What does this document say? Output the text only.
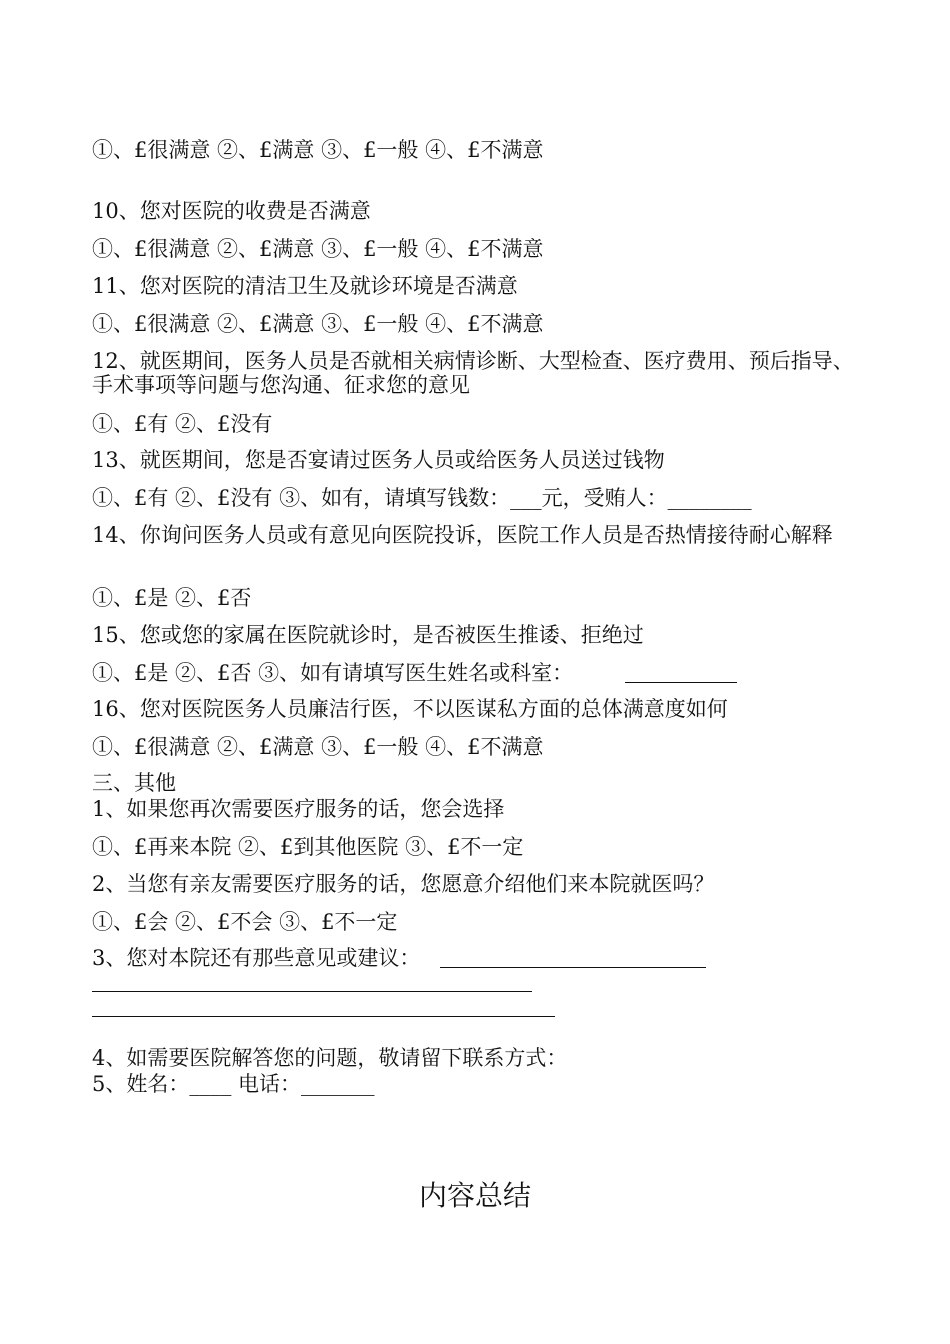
①、£很满意 ②、£满意 ③、£一般 ④、£不满意
10、您对医院的收费是否满意
①、£很满意 ②、£满意 ③、£一般 ④、£不满意
11、您对医院的清洁卫生及就诊环境是否满意
①、£很满意 ②、£满意 ③、£一般 ④、£不满意
12、就医期间，医务人员是否就相关病情诊断、大型检查、医疗费用、预后指导、手术事项等问题与您沟通、征求您的意见
①、£有 ②、£没有
13、就医期间，您是否宴请过医务人员或给医务人员送过钱物
①、£有 ②、£没有 ③、如有，请填写钱数：___元，受贿人：________
14、你询问医务人员或有意见向医院投诉，医院工作人员是否热情接待耐心解释
①、£是 ②、£否
15、您或您的家属在医院就诊时，是否被医生推诿、拒绝过
①、£是 ②、£否 ③、如有请填写医生姓名或科室：
16、您对医院医务人员廉洁行医，不以医谋私方面的总体满意度如何
①、£很满意 ②、£满意 ③、£一般 ④、£不满意
三、其他
1、如果您再次需要医疗服务的话，您会选择
①、£再来本院 ②、£到其他医院 ③、£不一定
2、当您有亲友需要医疗服务的话，您愿意介绍他们来本院就医吗？
①、£会 ②、£不会 ③、£不一定
3、您对本院还有那些意见或建议：
4、如需要医院解答您的问题，敬请留下联系方式：
5、姓名：____ 电话：_______
内容总结
